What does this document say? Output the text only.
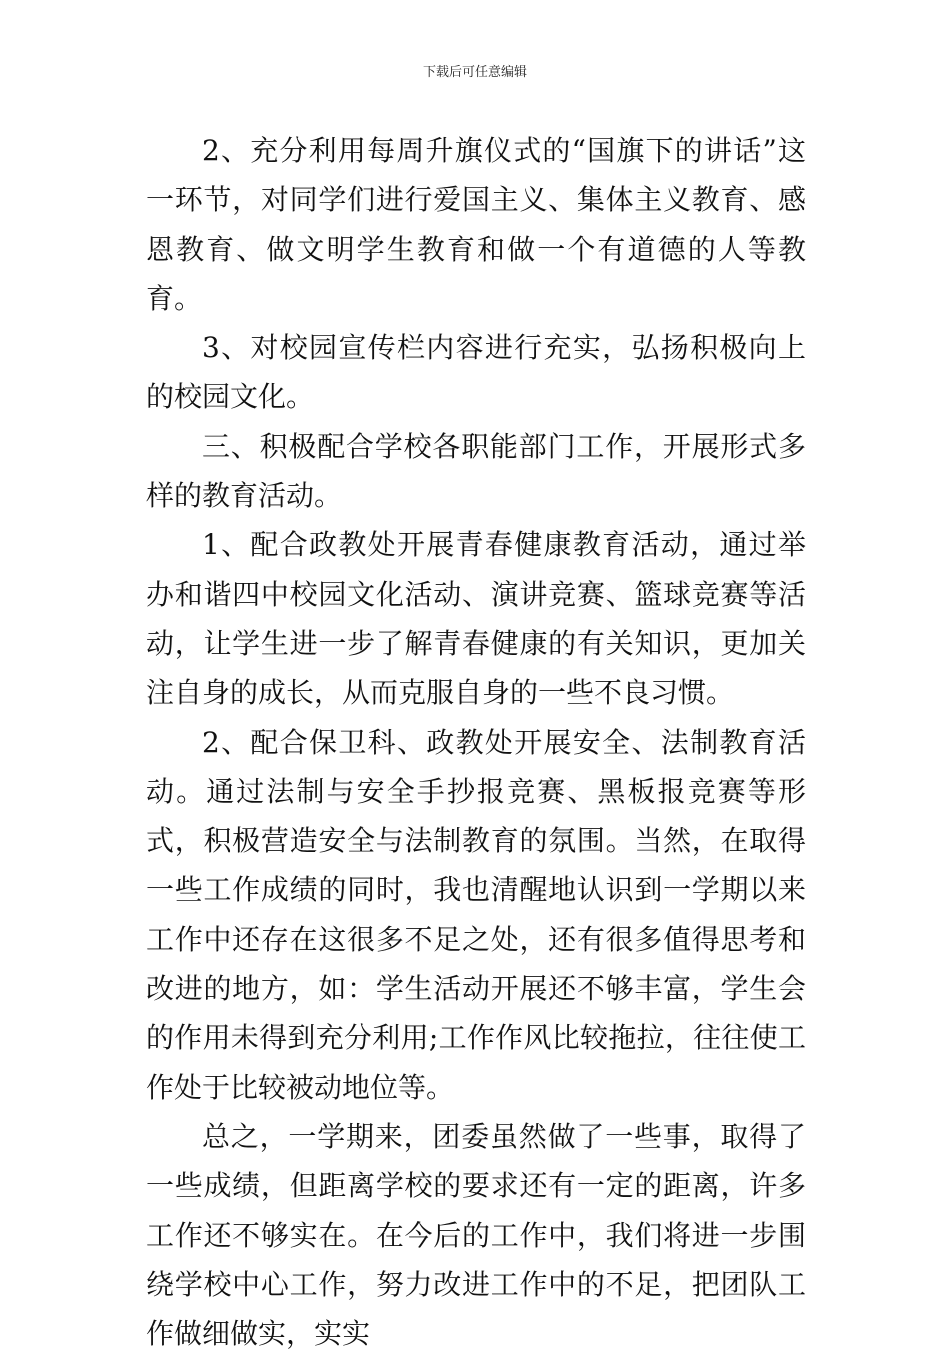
下载后可任意编辑

2、充分利用每周升旗仪式的“国旗下的讲话”这一环节，对同学们进行爱国主义、集体主义教育、感恩教育、做文明学生教育和做一个有道德的人等教育。

3、对校园宣传栏内容进行充实，弘扬积极向上的校园文化。

三、积极配合学校各职能部门工作，开展形式多样的教育活动。

1、配合政教处开展青春健康教育活动，通过举办和谐四中校园文化活动、演讲竞赛、篮球竞赛等活动，让学生进一步了解青春健康的有关知识，更加关注自身的成长，从而克服自身的一些不良习惯。

2、配合保卫科、政教处开展安全、法制教育活动。通过法制与安全手抄报竞赛、黑板报竞赛等形式，积极营造安全与法制教育的氛围。当然，在取得一些工作成绩的同时，我也清醒地认识到一学期以来工作中还存在这很多不足之处，还有很多值得思考和改进的地方，如：学生活动开展还不够丰富，学生会的作用未得到充分利用;工作作风比较拖拉，往往使工作处于比较被动地位等。

总之，一学期来，团委虽然做了一些事，取得了一些成绩，但距离学校的要求还有一定的距离，许多工作还不够实在。在今后的工作中，我们将进一步围绕学校中心工作，努力改进工作中的不足，把团队工作做细做实，实实
